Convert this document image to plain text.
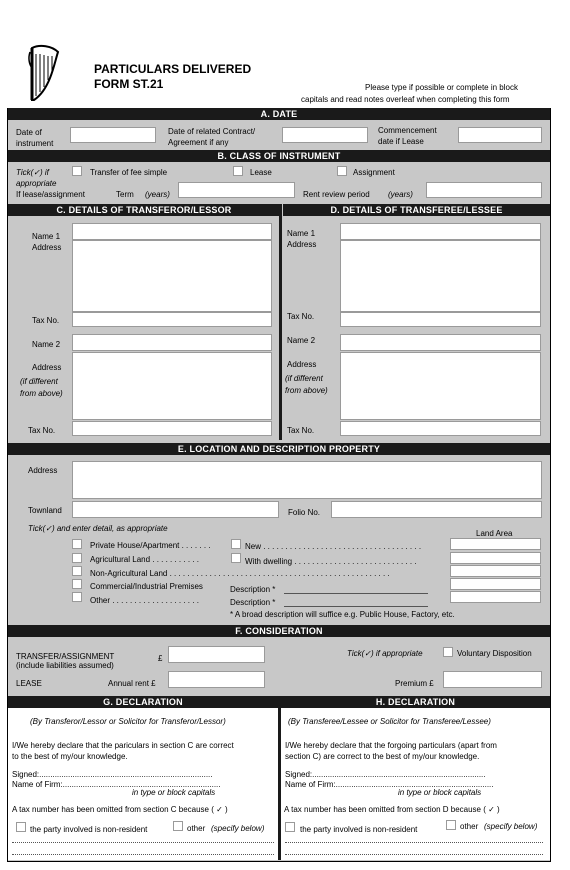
PARTICULARS DELIVERED
FORM ST.21	Please type if possible or complete in block
capitals and read notes overleaf when completing this form
A. DATE
Date of
instrument
Date of related Contract/
Agreement if any
Commencement
date if Lease
B. CLASS OF INSTRUMENT
Tick(✓) if
appropriate
Transfer of fee simple	Lease	Assignment
If lease/assignment	Term (years)	Rent review period (years)
C. DETAILS OF TRANSFEROR/LESSOR	D. DETAILS OF TRANSFEREE/LESSEE
Name 1
Address
Tax No.
Name 2
Address
(if different
from above)
Tax No.
Name 1
Address
Tax No.
Name 2
Address
(if different
from above)
Tax No.
E. LOCATION AND DESCRIPTION PROPERTY
Address
Townland	Folio No.
Tick(✓) and enter detail, as appropriate
Land Area
Private House/Apartment . . . . . . .	New . . . . . . . . . . . . . . . . . . . . . . . . . . . . . . . . . . . .
Agricultural Land . . . . . . . . . . .	With dwelling . . . . . . . . . . . . . . . . . . . . . . . . . . . .
Non-Agricultural Land . . . . . . . . . . . . . . . . . . . . . . . . . . . . . . . . . . . . . . . . . . . . . . . . . .
Commercial/Industrial Premises	Description *
Other . . . . . . . . . . . . . . . . . . . .	Description *
* A broad description will suffice e.g. Public House, Factory, etc.
F. CONSIDERATION
TRANSFER/ASSIGNMENT
(include liabilities assumed)
£
Tick(✓) if appropriate	Voluntary Disposition
LEASE	Annual rent £	Premium £
G. DECLARATION	H. DECLARATION
(By Transferor/Lessor or Solicitor for Transferor/Lessor)
I/We hereby declare that the pariculars in section C are correct
to the best of my/our knowledge.
Signed:..............................................................................
Name of Firm:.......................................................................
in type or block capitals
A tax number has been omitted from section C because ( ✓ )
the party involved is non-resident	other (specify below)
(By Transferee/Lessee or Solicitor for Transferee/Lessee)
I/We hereby declare that the forgoing particulars (apart from
section C) are correct to the best of my/our knowledge.
Signed:..............................................................................
Name of Firm:.......................................................................
in type or block capitals
A tax number has been omitted from section D because ( ✓ )
the party involved is non-resident	other (specify below)
